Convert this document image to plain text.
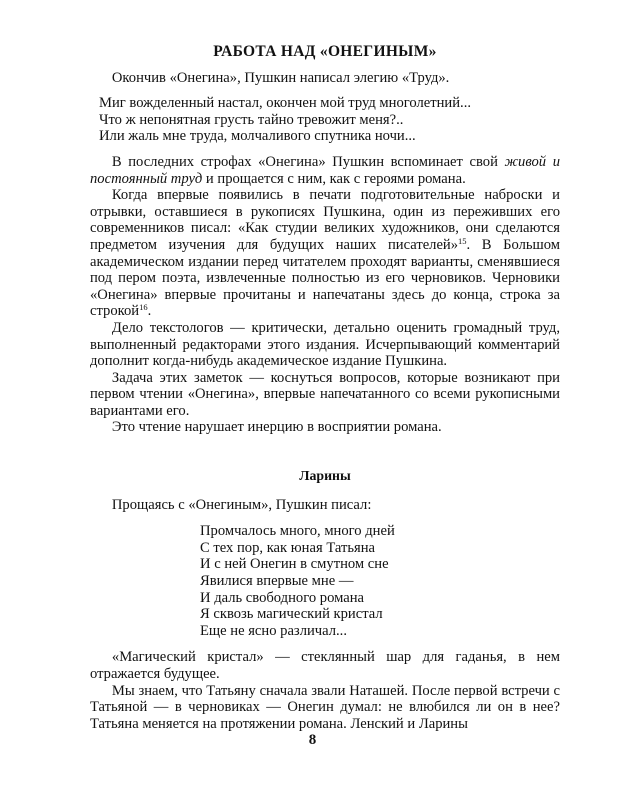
РАБОТА НАД «ОНЕГИНЫМ»

Окончив «Онегина», Пушкин написал элегию «Труд».

Миг вожделенный настал, окончен мой труд многолетний...
Что ж непонятная грусть тайно тревожит меня?..
Или жаль мне труда, молчаливого спутника ночи...

В последних строфах «Онегина» Пушкин вспоминает свой живой и постоянный труд и прощается с ним, как с героями романа.

Когда впервые появились в печати подготовительные наброски и отрывки, оставшиеся в рукописях Пушкина, один из переживших его современников писал: «Как студии великих художников, они сделаются предметом изучения для будущих наших писателей»$^{15}$. В Большом академическом издании перед читателем проходят варианты, сменявшиеся под пером поэта, извлеченные полностью из его черновиков. Черновики «Онегина» впервые прочитаны и напечатаны здесь до конца, строка за строкой$^{16}$.

Дело текстологов — критически, детально оценить громадный труд, выполненный редакторами этого издания. Исчерпывающий комментарий дополнит когда-нибудь академическое издание Пушкина.

Задача этих заметок — коснуться вопросов, которые возникают при первом чтении «Онегина», впервые напечатанного со всеми рукописными вариантами его.

Это чтение нарушает инерцию в восприятии романа.

Ларины

Прощаясь с «Онегиным», Пушкин писал:

Промчалось много, много дней
С тех пор, как юная Татьяна
И с ней Онегин в смутном сне
Явилися впервые мне —
И даль свободного романа
Я сквозь магический кристал
Еще не ясно различал...

«Магический кристал» — стеклянный шар для гаданья, в нем отражается будущее.

Мы знаем, что Татьяну сначала звали Наташей. После первой встречи с Татьяной — в черновиках — Онегин думал: не влюбился ли он в нее? Татьяна меняется на протяжении романа. Ленский и Ларины

8
